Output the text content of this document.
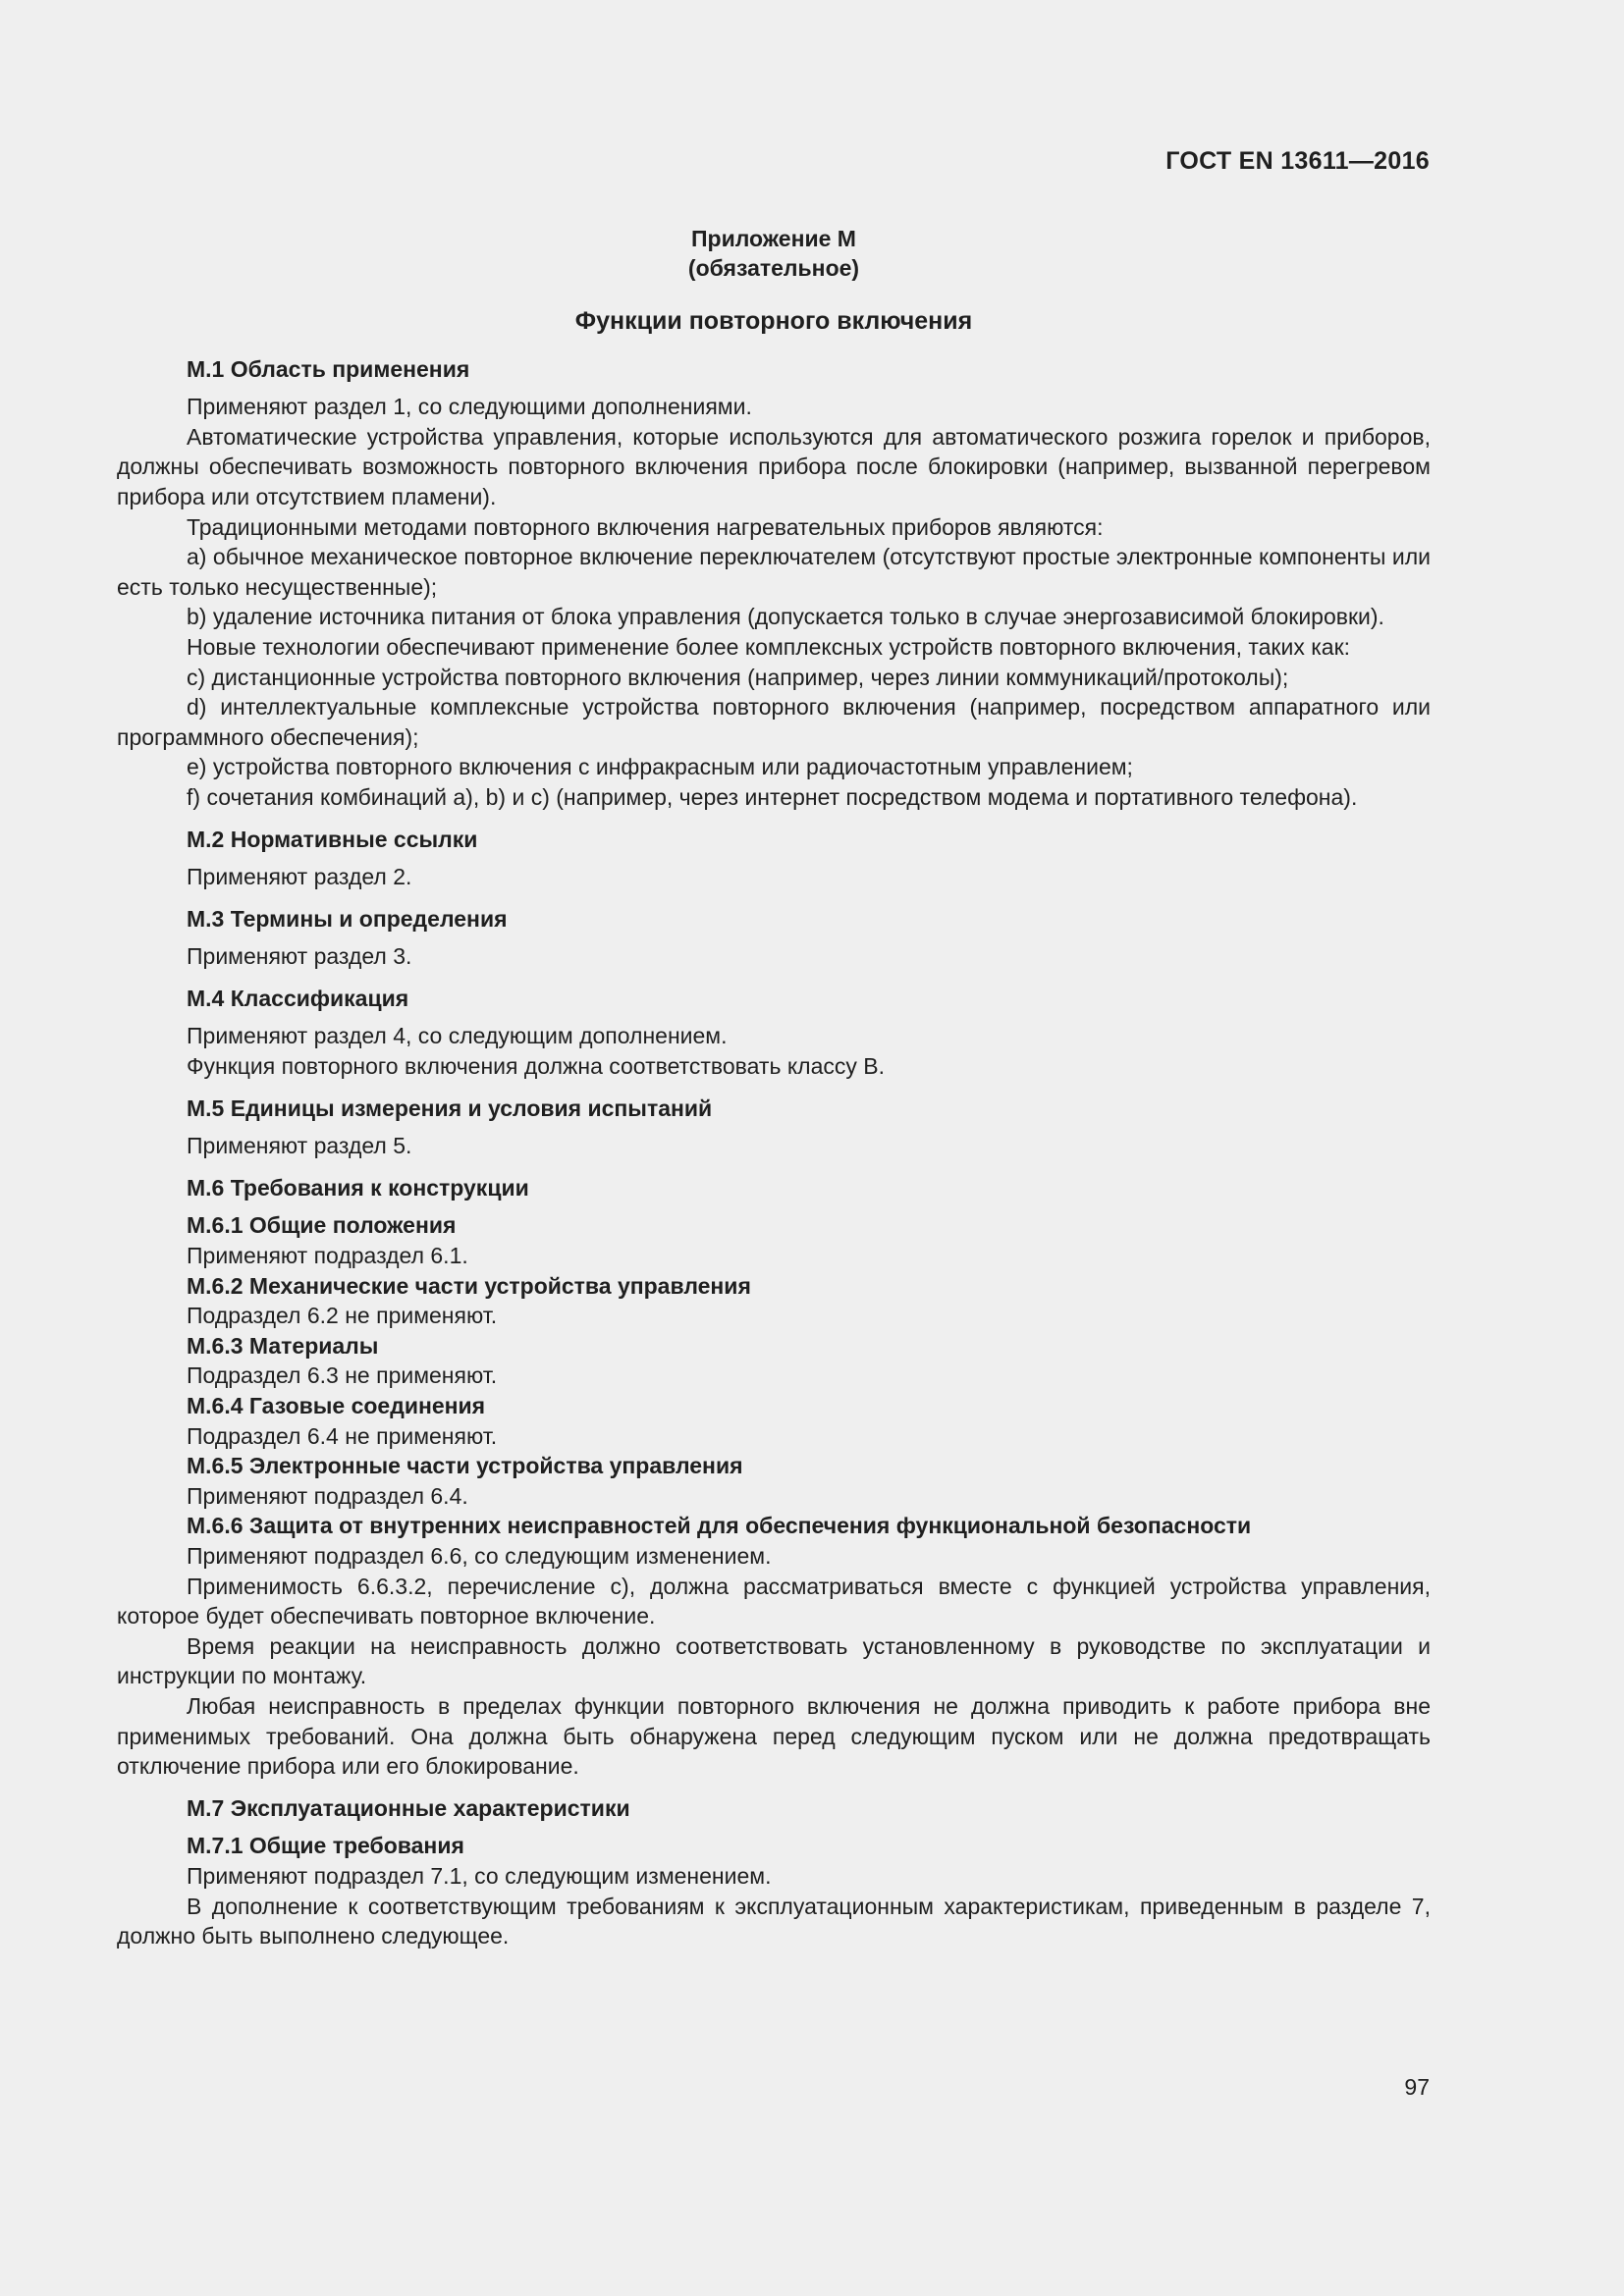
ГОСТ EN 13611—2016
Приложение М
(обязательное)
Функции повторного включения

М.1 Область применения

Применяют раздел 1, со следующими дополнениями.

Автоматические устройства управления, которые используются для автоматического розжига горелок и приборов, должны обеспечивать возможность повторного включения прибора после блокировки (например, вызванной перегревом прибора или отсутствием пламени).

Традиционными методами повторного включения нагревательных приборов являются:

а) обычное механическое повторное включение переключателем (отсутствуют простые электронные компоненты или есть только несущественные);

b) удаление источника питания от блока управления (допускается только в случае энергозависимой блокировки).

Новые технологии обеспечивают применение более комплексных устройств повторного включения, таких как:

с) дистанционные устройства повторного включения (например, через линии коммуникаций/протоколы);

d) интеллектуальные комплексные устройства повторного включения (например, посредством аппаратного или программного обеспечения);

е) устройства повторного включения с инфракрасным или радиочастотным управлением;

f) сочетания комбинаций а), b) и с) (например, через интернет посредством модема и портативного телефона).

М.2 Нормативные ссылки

Применяют раздел 2.

М.3 Термины и определения

Применяют раздел 3.

М.4 Классификация

Применяют раздел 4, со следующим дополнением.

Функция повторного включения должна соответствовать классу В.

М.5 Единицы измерения и условия испытаний

Применяют раздел 5.

М.6 Требования к конструкции

М.6.1 Общие положения

Применяют подраздел 6.1.

М.6.2 Механические части устройства управления

Подраздел 6.2 не применяют.

М.6.3 Материалы

Подраздел 6.3 не применяют.

М.6.4 Газовые соединения

Подраздел 6.4 не применяют.

М.6.5 Электронные части устройства управления

Применяют подраздел 6.4.

М.6.6 Защита от внутренних неисправностей для обеспечения функциональной безопасности

Применяют подраздел 6.6, со следующим изменением.

Применимость 6.6.3.2, перечисление с), должна рассматриваться вместе с функцией устройства управления, которое будет обеспечивать повторное включение.

Время реакции на неисправность должно соответствовать установленному в руководстве по эксплуатации и инструкции по монтажу.

Любая неисправность в пределах функции повторного включения не должна приводить к работе прибора вне применимых требований. Она должна быть обнаружена перед следующим пуском или не должна предотвращать отключение прибора или его блокирование.

М.7 Эксплуатационные характеристики

М.7.1 Общие требования

Применяют подраздел 7.1, со следующим изменением.

В дополнение к соответствующим требованиям к эксплуатационным характеристикам, приведенным в разделе 7, должно быть выполнено следующее.

97
